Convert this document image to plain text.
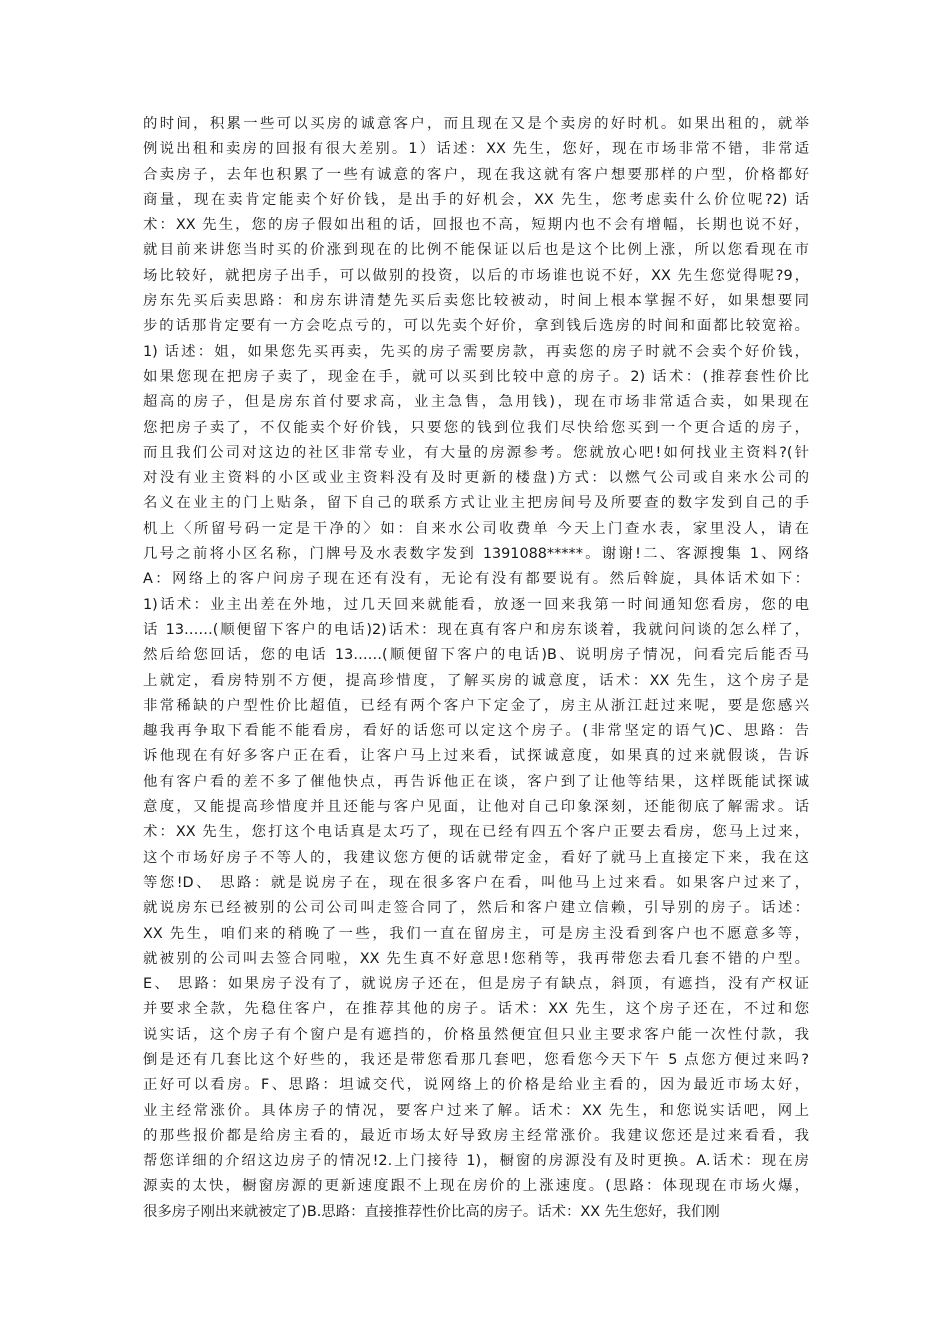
的时间，积累一些可以买房的诚意客户，而且现在又是个卖房的好时机。如果出租的，就举
例说出租和卖房的回报有很大差别。1）话述：XX 先生，您好，现在市场非常不错，非常适
合卖房子，去年也积累了一些有诚意的客户，现在我这就有客户想要那样的户型，价格都好
商量，现在卖肯定能卖个好价钱，是出手的好机会，XX 先生，您考虑卖什么价位呢?2) 话
术：XX 先生，您的房子假如出租的话，回报也不高，短期内也不会有增幅，长期也说不好，
就目前来讲您当时买的价涨到现在的比例不能保证以后也是这个比例上涨，所以您看现在市
场比较好，就把房子出手，可以做别的投资，以后的市场谁也说不好，XX 先生您觉得呢?9，
房东先买后卖思路：和房东讲清楚先买后卖您比较被动，时间上根本掌握不好，如果想要同
步的话那肯定要有一方会吃点亏的，可以先卖个好价，拿到钱后选房的时间和面都比较宽裕。
1) 话述：姐，如果您先买再卖，先买的房子需要房款，再卖您的房子时就不会卖个好价钱，
如果您现在把房子卖了，现金在手，就可以买到比较中意的房子。2) 话术：(推荐套性价比
超高的房子，但是房东首付要求高，业主急售，急用钱)，现在市场非常适合卖，如果现在
您把房子卖了，不仅能卖个好价钱，只要您的钱到位我们尽快给您买到一个更合适的房子，
而且我们公司对这边的社区非常专业，有大量的房源参考。您就放心吧!如何找业主资料?(针
对没有业主资料的小区或业主资料没有及时更新的楼盘)方式：以燃气公司或自来水公司的
名义在业主的门上贴条，留下自己的联系方式让业主把房间号及所要查的数字发到自己的手
机上〈所留号码一定是干净的〉如：自来水公司收费单 今天上门查水表，家里没人，请在
几号之前将小区名称，门牌号及水表数字发到 1391088*****。谢谢!二、客源搜集 1、网络
A：网络上的客户问房子现在还有没有，无论有没有都要说有。然后斡旋，具体话术如下：
1)话术：业主出差在外地，过几天回来就能看，放逐一回来我第一时间通知您看房，您的电
话 13……(顺便留下客户的电话)2)话术：现在真有客户和房东谈着，我就问问谈的怎么样了，
然后给您回话，您的电话 13……(顺便留下客户的电话)B、说明房子情况，问看完后能否马
上就定，看房特别不方便，提高珍惜度，了解买房的诚意度，话术：XX 先生，这个房子是
非常稀缺的户型性价比超值，已经有两个客户下定金了，房主从浙江赶过来呢，要是您感兴
趣我再争取下看能不能看房，看好的话您可以定这个房子。(非常坚定的语气)C、思路：告
诉他现在有好多客户正在看，让客户马上过来看，试探诚意度，如果真的过来就假谈，告诉
他有客户看的差不多了催他快点，再告诉他正在谈，客户到了让他等结果，这样既能试探诚
意度，又能提高珍惜度并且还能与客户见面，让他对自己印象深刻，还能彻底了解需求。话
术：XX 先生，您打这个电话真是太巧了，现在已经有四五个客户正要去看房，您马上过来，
这个市场好房子不等人的，我建议您方便的话就带定金，看好了就马上直接定下来，我在这
等您!D、 思路：就是说房子在，现在很多客户在看，叫他马上过来看。如果客户过来了，
就说房东已经被别的公司公司叫走签合同了，然后和客户建立信赖，引导别的房子。话述：
XX 先生，咱们来的稍晚了一些，我们一直在留房主，可是房主没看到客户也不愿意多等，
就被别的公司叫去签合同啦，XX 先生真不好意思!您稍等，我再带您去看几套不错的户型。
E、 思路：如果房子没有了，就说房子还在，但是房子有缺点，斜顶，有遮挡，没有产权证
并要求全款，先稳住客户，在推荐其他的房子。话术：XX 先生，这个房子还在，不过和您
说实话，这个房子有个窗户是有遮挡的，价格虽然便宜但只业主要求客户能一次性付款，我
倒是还有几套比这个好些的，我还是带您看那几套吧，您看您今天下午 5 点您方便过来吗?
正好可以看房。F、思路：坦诚交代，说网络上的价格是给业主看的，因为最近市场太好，
业主经常涨价。具体房子的情况，要客户过来了解。话术：XX 先生，和您说实话吧，网上
的那些报价都是给房主看的，最近市场太好导致房主经常涨价。我建议您还是过来看看，我
帮您详细的介绍这边房子的情况!2.上门接待 1)，橱窗的房源没有及时更换。A.话术：现在房
源卖的太快，橱窗房源的更新速度跟不上现在房价的上涨速度。(思路：体现现在市场火爆，
很多房子刚出来就被定了)B.思路：直接推荐性价比高的房子。话术：XX 先生您好，我们刚
